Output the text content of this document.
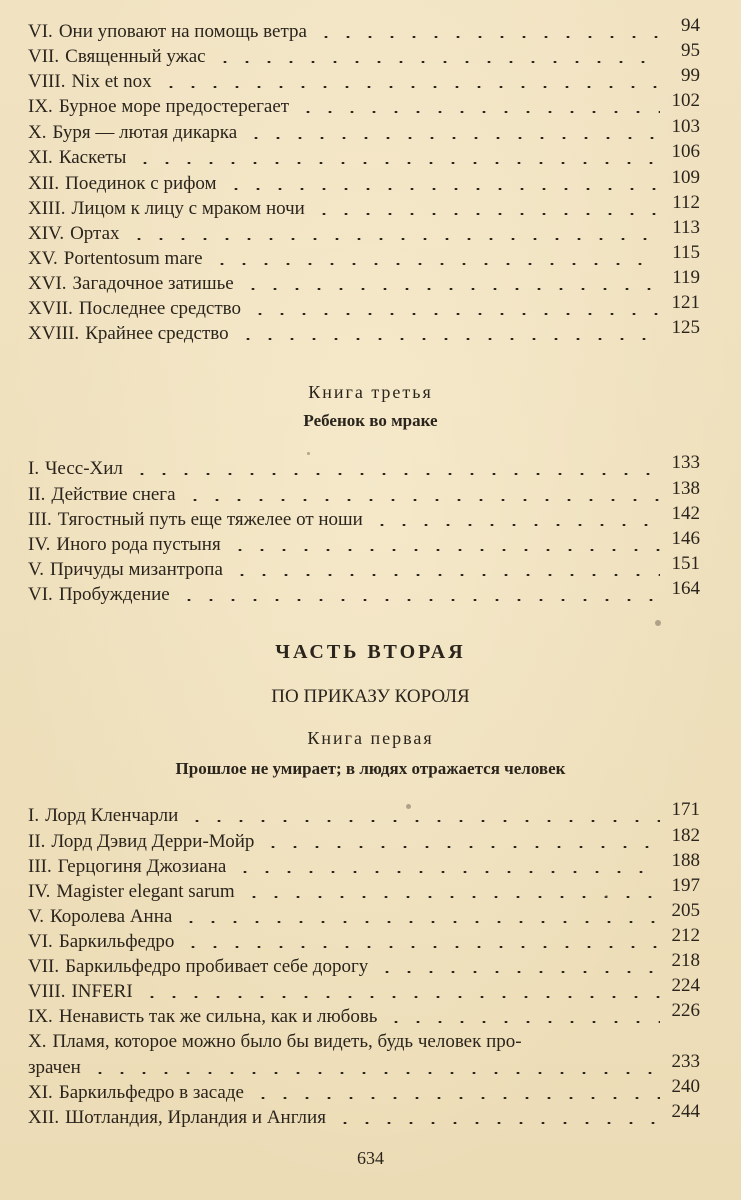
VI. Они уповают на помощь ветра	94
VII. Священный ужас	95
VIII. Nix et nox	99
IX. Бурное море предостерегает	102
X. Буря — лютая дикарка	103
XI. Каскеты	106
XII. Поединок с рифом	109
XIII. Лицом к лицу с мраком ночи	112
XIV. Ортах	113
XV. Portentosum mare	115
XVI. Загадочное затишье	119
XVII. Последнее средство	121
XVIII. Крайнее средство	125
Книга третья
Ребенок во мраке
I. Чесс-Хил	133
II. Действие снега	138
III. Тягостный путь еще тяжелее от ноши	142
IV. Иного рода пустыня	146
V. Причуды мизантропа	151
VI. Пробуждение	164
ЧАСТЬ ВТОРАЯ
ПО ПРИКАЗУ КОРОЛЯ
Книга первая
Прошлое не умирает; в людях отражается человек
I. Лорд Кленчарли	171
II. Лорд Дэвид Дерри-Мойр	182
III. Герцогиня Джозиана	188
IV. Magister elegant sarum	197
V. Королева Анна	205
VI. Баркильфедро	212
VII. Баркильфедро пробивает себе дорогу	218
VIII. INFERI	224
IX. Ненависть так же сильна, как и любовь	226
X. Пламя, которое можно было бы видеть, будь человек про-
зрачен	233
XI. Баркильфедро в засаде	240
XII. Шотландия, Ирландия и Англия	244
634
